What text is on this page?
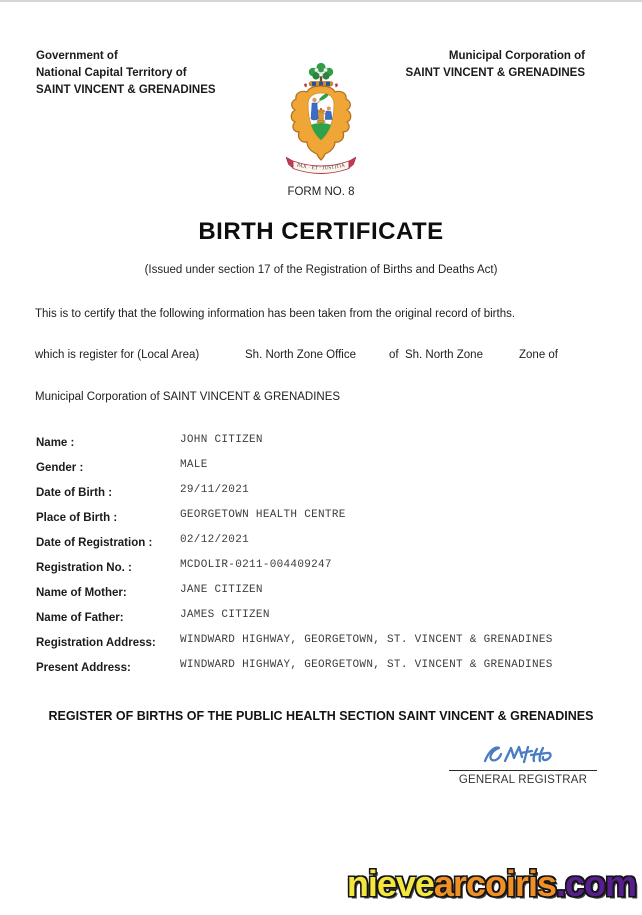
Government of
National Capital Territory of
SAINT VINCENT & GRENADINES
Municipal Corporation of
SAINT VINCENT & GRENADINES
PAX · ET · JUSTITIA
FORM NO. 8
BIRTH CERTIFICATE
(Issued under section 17 of the Registration of Births and Deaths Act)
This is to certify that the following information has been taken from the original record of births.
which is register for (Local Area)	Sh. North Zone Office	of  Sh. North Zone	Zone of
Municipal Corporation of SAINT VINCENT & GRENADINES
Name :	JOHN CITIZEN
Gender :	MALE
Date of Birth :	29/11/2021
Place of Birth :	GEORGETOWN HEALTH CENTRE
Date of Registration :	02/12/2021
Registration No. :	MCDOLIR-0211-004409247
Name of Mother:	JANE CITIZEN
Name of Father:	JAMES CITIZEN
Registration Address: WINDWARD HIGHWAY, GEORGETOWN, ST. VINCENT & GRENADINES
Present Address:	WINDWARD HIGHWAY, GEORGETOWN, ST. VINCENT & GRENADINES
REGISTER OF BIRTHS OF THE PUBLIC HEALTH SECTION SAINT VINCENT & GRENADINES
GENERAL REGISTRAR
nievearcoiris.com
